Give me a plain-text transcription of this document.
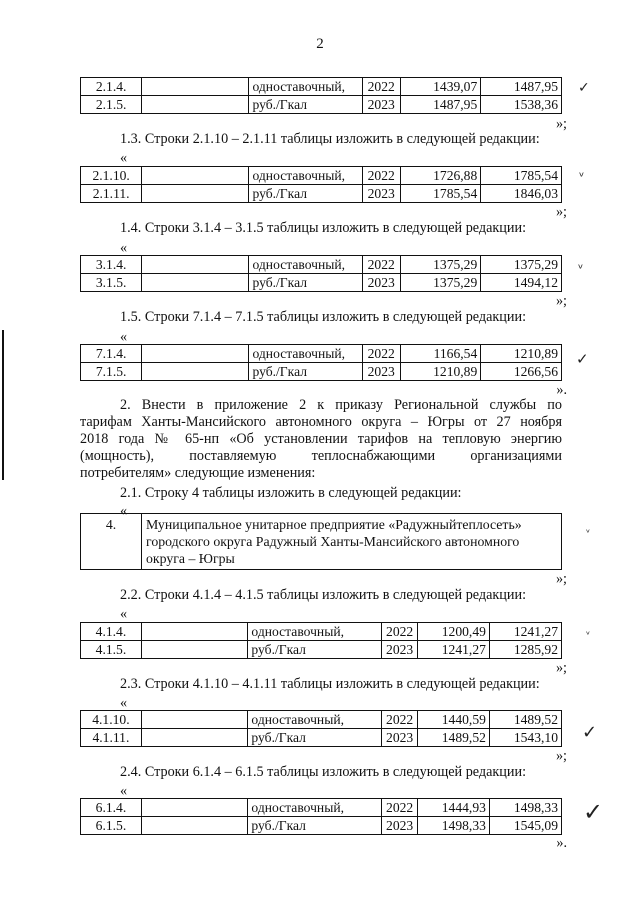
2
2.1.4.		одноставочный,	2022	1439,07	1487,95
2.1.5.		руб./Гкал	2023	1487,95	1538,36
»;
1.3. Строки 2.1.10 – 2.1.11 таблицы изложить в следующей редакции:
«
2.1.10.		одноставочный,	2022	1726,88	1785,54
2.1.11.		руб./Гкал	2023	1785,54	1846,03
»;
1.4. Строки 3.1.4 – 3.1.5 таблицы изложить в следующей редакции:
«
3.1.4.		одноставочный,	2022	1375,29	1375,29
3.1.5.		руб./Гкал	2023	1375,29	1494,12
»;
1.5. Строки 7.1.4 – 7.1.5 таблицы изложить в следующей редакции:
«
7.1.4.		одноставочный,	2022	1166,54	1210,89
7.1.5.		руб./Гкал	2023	1210,89	1266,56
».
2. Внести в приложение 2 к приказу Региональной службы по
тарифам Ханты-Мансийского автономного округа – Югры от 27 ноября
2018 года № 65-нп «Об установлении тарифов на тепловую энергию
(мощность), поставляемую теплоснабжающими организациями
потребителям» следующие изменения:
2.1. Строку 4 таблицы изложить в следующей редакции:
«
4.	Муниципальное унитарное предприятие «Радужныйтеплосеть»
городского округа Радужный Ханты-Мансийского автономного
округа – Югры
»;
2.2. Строки 4.1.4 – 4.1.5 таблицы изложить в следующей редакции:
«
4.1.4.		одноставочный,	2022	1200,49	1241,27
4.1.5.		руб./Гкал	2023	1241,27	1285,92
»;
2.3. Строки 4.1.10 – 4.1.11 таблицы изложить в следующей редакции:
«
4.1.10.		одноставочный,	2022	1440,59	1489,52
4.1.11.		руб./Гкал	2023	1489,52	1543,10
»;
2.4. Строки 6.1.4 – 6.1.5 таблицы изложить в следующей редакции:
«
6.1.4.		одноставочный,	2022	1444,93	1498,33
6.1.5.		руб./Гкал	2023	1498,33	1545,09
».
✓
ᵛ
ᵛ
✓
ᵛ
ᵛ
✓
✓
